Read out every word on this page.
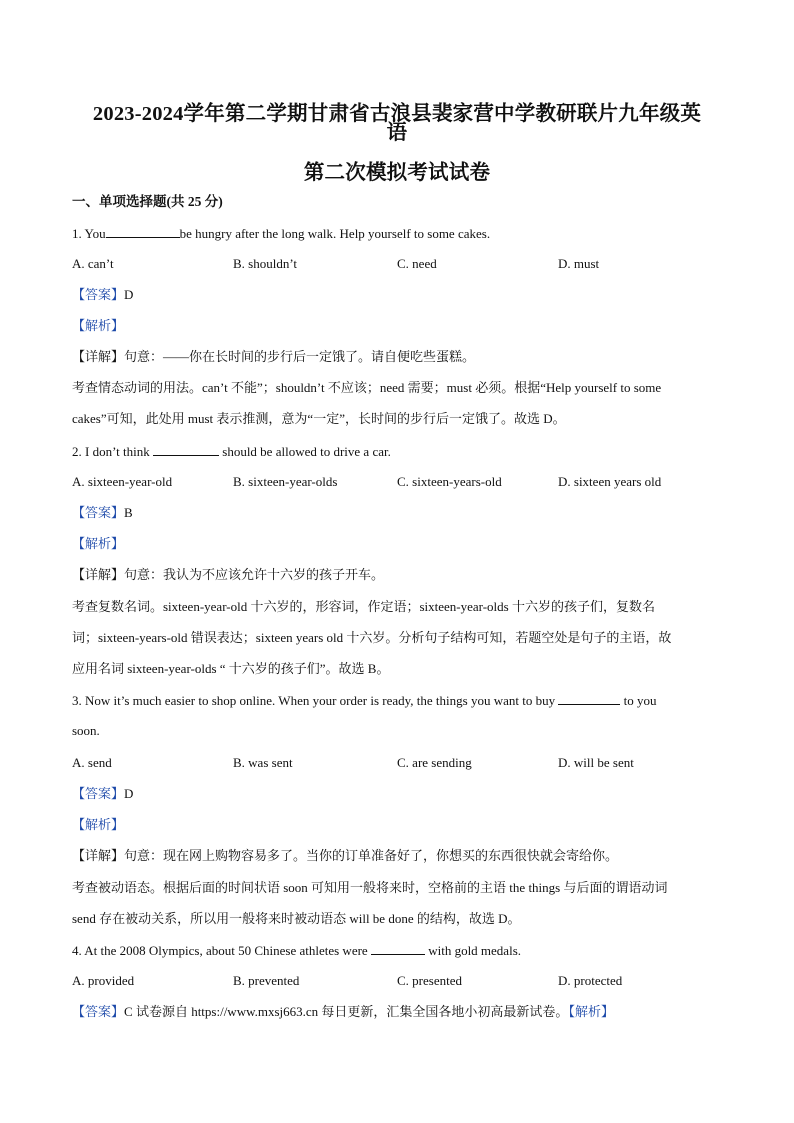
2023-2024学年第二学期甘肃省古浪县裴家营中学教研联片九年级英
语
第二次模拟考试试卷
一、单项选择题(共 25 分)
1. You	be hungry after the long walk. Help yourself to some cakes.
A. can’t	B. shouldn’t	C. need	D. must
【答案】D
【解析】
【详解】句意：——你在长时间的步行后一定饿了。请自便吃些蛋糕。
考查情态动词的用法。can’t 不能”；shouldn’t 不应该；need 需要；must 必须。根据“Help yourself to some
cakes”可知，此处用 must 表示推测，意为“一定”，长时间的步行后一定饿了。故选 D。
2. I don’t think	should be allowed to drive a car.
A. sixteen-year-old	B. sixteen-year-olds	C. sixteen-years-old	D. sixteen years old
【答案】B
【解析】
【详解】句意：我认为不应该允许十六岁的孩子开车。
考查复数名词。sixteen-year-old 十六岁的，形容词，作定语；sixteen-year-olds 十六岁的孩子们，复数名
词；sixteen-years-old 错误表达；sixteen years old 十六岁。分析句子结构可知，若题空处是句子的主语，故
应用名词 sixteen-year-olds “ 十六岁的孩子们”。故选 B。
3. Now it’s much easier to shop online. When your order is ready, the things you want to buy	to you
soon.
A. send	B. was sent	C. are sending	D. will be sent
【答案】D
【解析】
【详解】句意：现在网上购物容易多了。当你的订单准备好了，你想买的东西很快就会寄给你。
考查被动语态。根据后面的时间状语 soon 可知用一般将来时，空格前的主语 the things 与后面的谓语动词
send 存在被动关系，所以用一般将来时被动语态 will be done 的结构，故选 D。
4. At the 2008 Olympics, about 50 Chinese athletes were	with gold medals.
A. provided	B. prevented	C. presented	D. protected
【答案】C 试卷源自 https://www.mxsj663.cn 每日更新，汇集全国各地小初高最新试卷。【解析】
